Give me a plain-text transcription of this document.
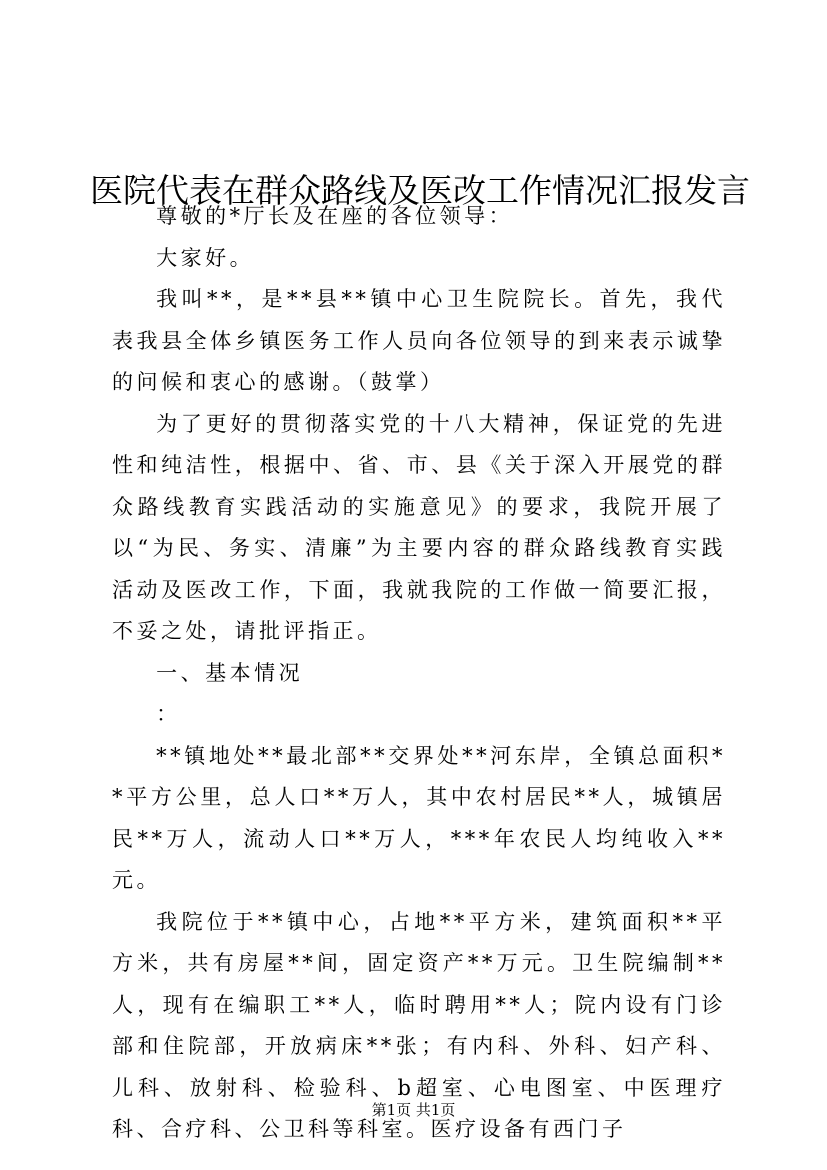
医院代表在群众路线及医改工作情况汇报发言

尊敬的*厅长及在座的各位领导：

大家好。

我叫**，是**县**镇中心卫生院院长。首先，我代表我县全体乡镇医务工作人员向各位领导的到来表示诚挚的问候和衷心的感谢。（鼓掌）

为了更好的贯彻落实党的十八大精神，保证党的先进性和纯洁性，根据中、省、市、县《关于深入开展党的群众路线教育实践活动的实施意见》的要求，我院开展了以“为民、务实、清廉”为主要内容的群众路线教育实践活动及医改工作，下面，我就我院的工作做一简要汇报，不妥之处，请批评指正。

一、基本情况

：

**镇地处**最北部**交界处**河东岸，全镇总面积**平方公里，总人口**万人，其中农村居民**人，城镇居民**万人，流动人口**万人，***年农民人均纯收入**元。

我院位于**镇中心，占地**平方米，建筑面积**平方米，共有房屋**间，固定资产**万元。卫生院编制**人，现有在编职工**人，临时聘用**人；院内设有门诊部和住院部，开放病床**张；有内科、外科、妇产科、儿科、放射科、检验科、b超室、心电图室、中医理疗科、合疗科、公卫科等科室。医疗设备有西门子

第1页 共1页
